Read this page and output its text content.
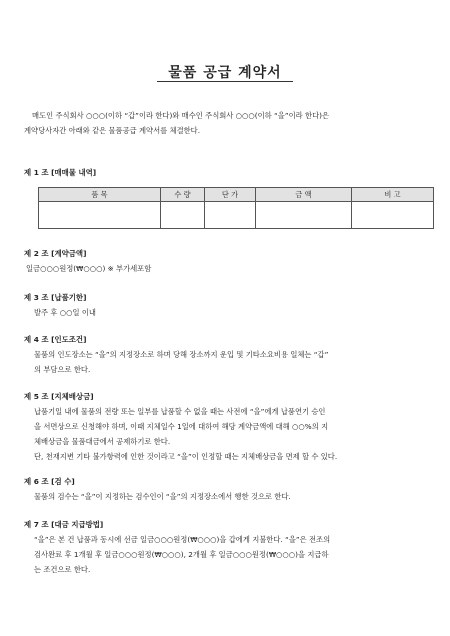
물품 공급 계약서
매도인 주식회사 ○○○(이하 “갑”이라 한다)와 매수인 주식회사 ○○○(이하 “을”이라 한다)은
계약당사자간 아래와 같은 물품공급 계약서를 체결한다.
제 1 조 [매매물 내역]
품 목	수 량	단 가	금 액	비 고

제 2 조 [계약금액]
일금○○○원정(₩○○○) ※ 부가세포함
제 3 조 [납품기한]
발주 후 ○○일 이내
제 4 조 [인도조건]
물품의 인도장소는 “을”의 지정장소로 하며 당해 장소까지 운입 및 기타소요비용 일체는 “갑”
의 부담으로 한다.
제 5 조 [지체배상금]
납품기일 내에 물품의 전량 또는 일부를 납품할 수 없을 때는 사전에 “을”에게 납품연기 승인
을 서면상으로 신청해야 하며, 이때 지체일수 1일에 대하여 해당 계약금액에 대해 ○○%의 지
체배상금을 물품대금에서 공제하기로 한다.
단, 천재지변 기타 불가항력에 인한 것이라고 “을”이 인정할 때는 지체배상금을 면제 할 수 있다.
제 6 조 [검 수]
물품의 검수는 “을”이 지정하는 검수인이 “을”의 지정장소에서 행한 것으로 한다.
제 7 조 [대금 지급방법]
“을”은 본 건 납품과 동시에 선금 일금○○○원정(₩○○○)을 갑에게 지불한다. “을”은 전조의
검사완료 후 1개월 후 일금○○○원정(₩○○○), 2개월 후 일금○○○원정(₩○○○)을 지급하
는 조건으로 한다.
